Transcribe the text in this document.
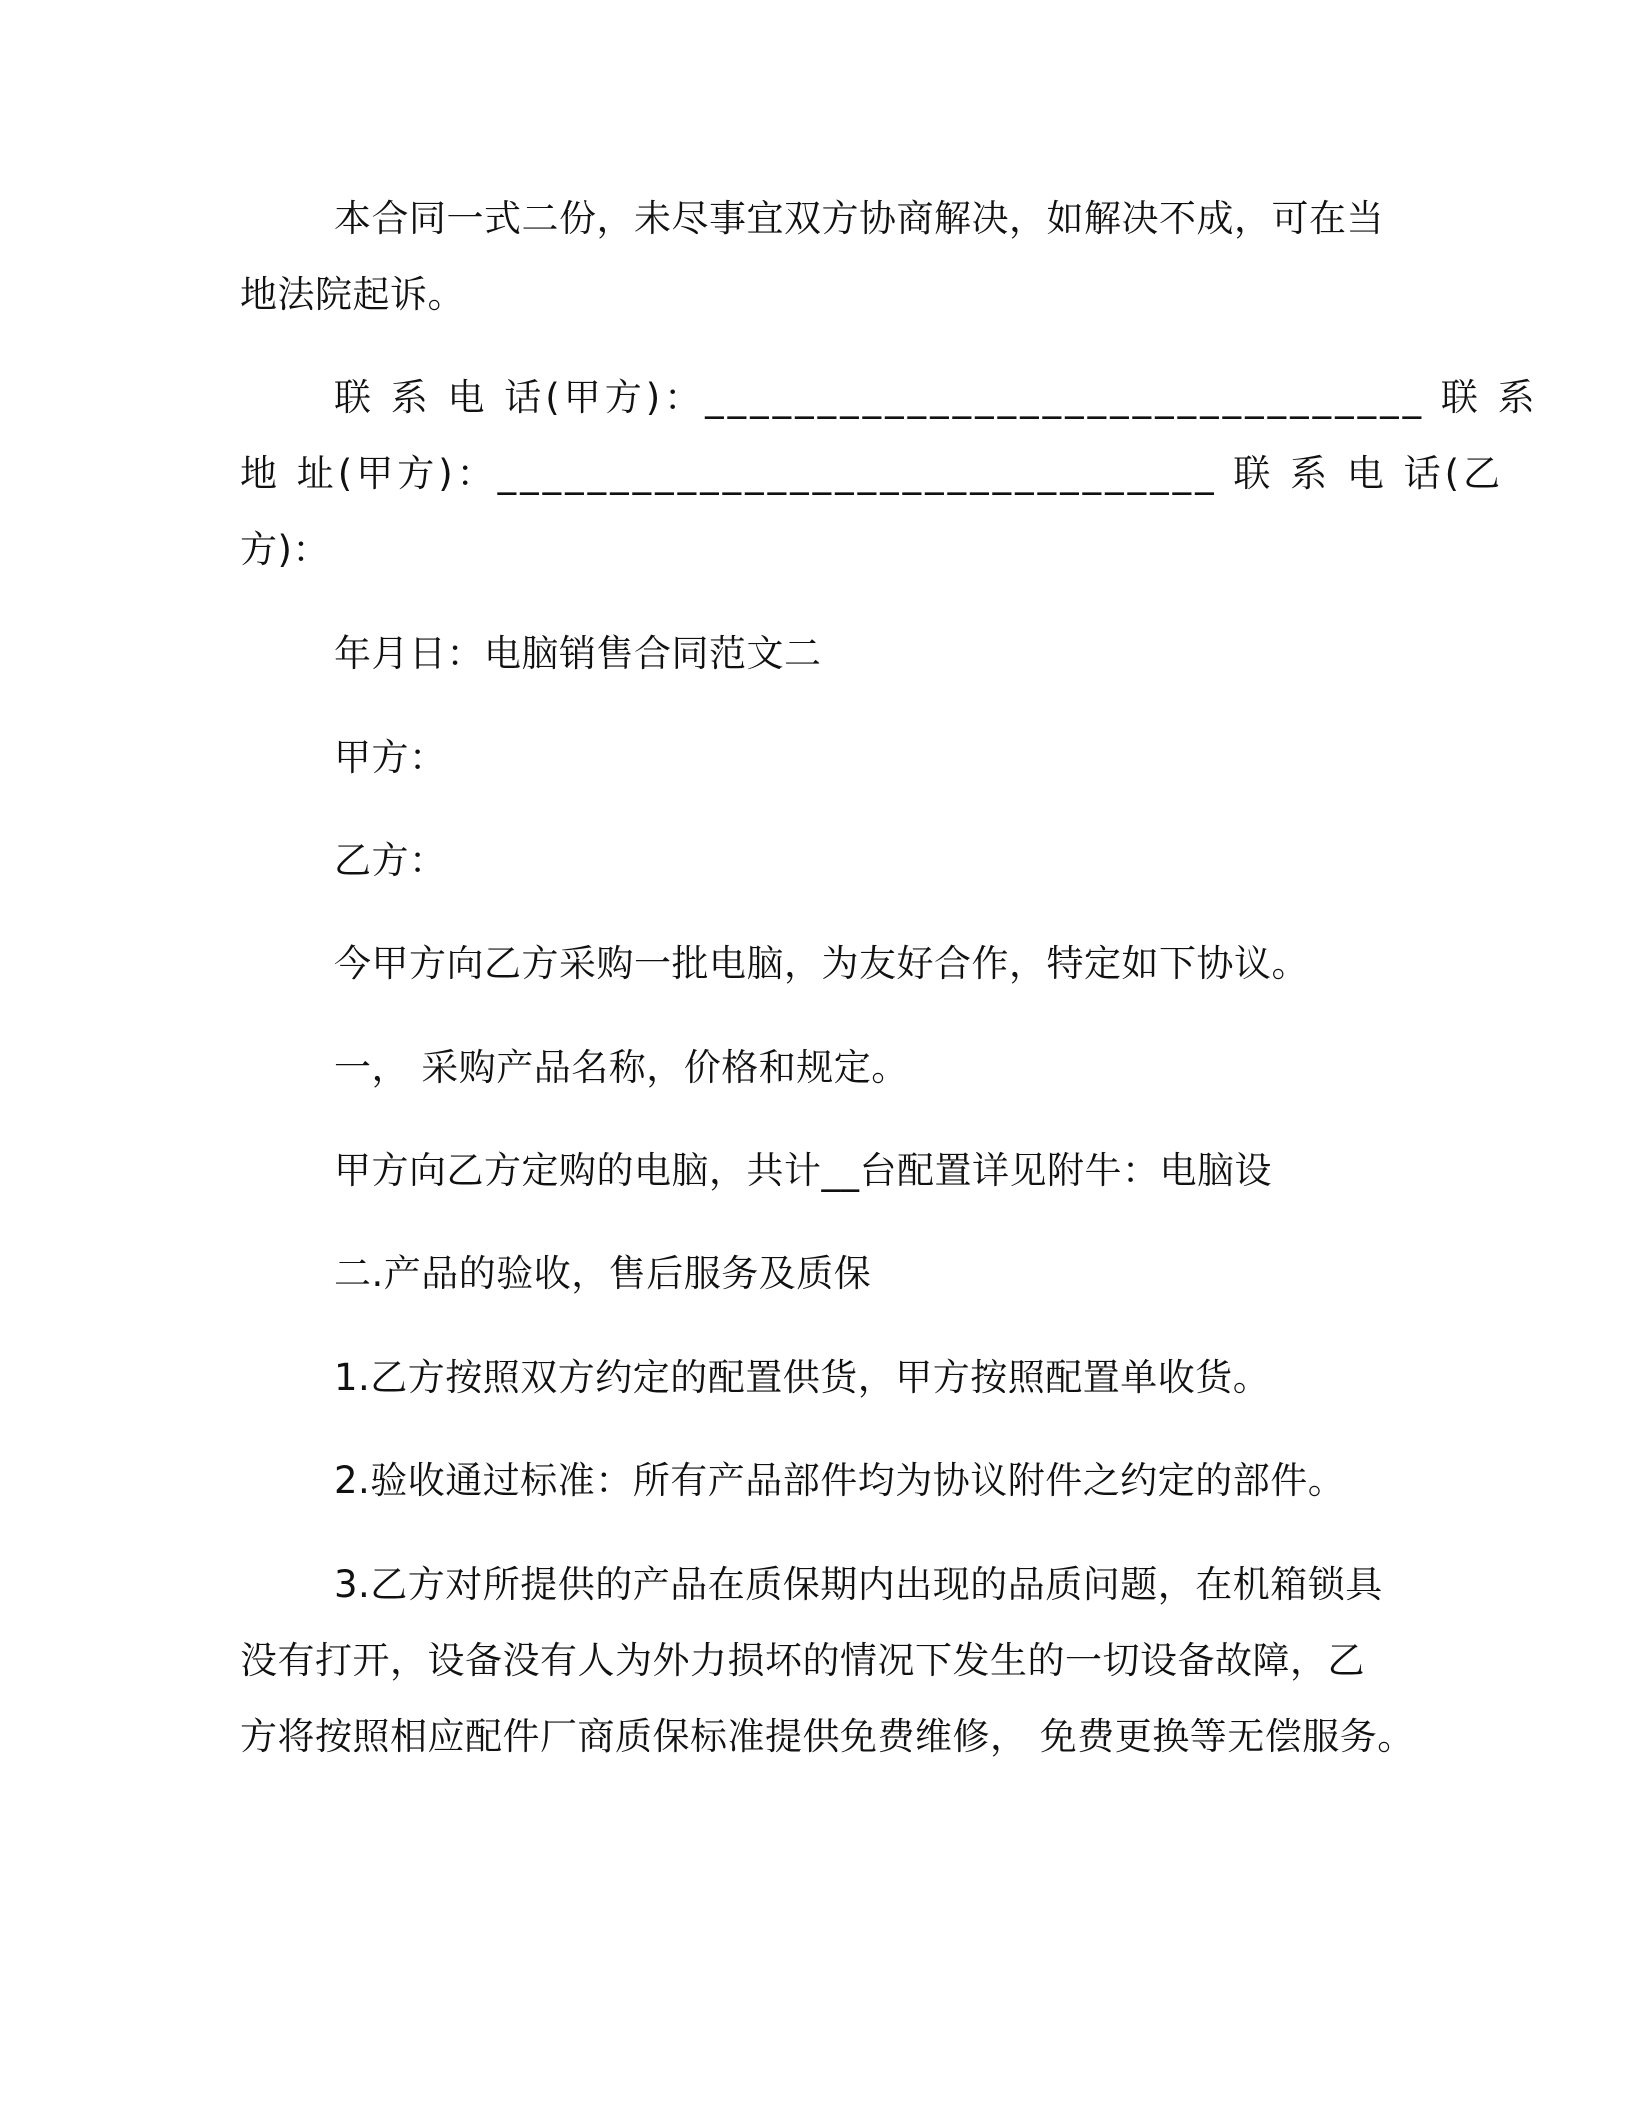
本合同一式二份，未尽事宜双方协商解决，如解决不成，可在当
地法院起诉。
联 系 电 话(甲方)：________________________________ 联 系
地 址(甲方)：________________________________ 联 系 电 话(乙
方)：
年月日：电脑销售合同范文二
甲方：
乙方：
今甲方向乙方采购一批电脑，为友好合作，特定如下协议。
一， 采购产品名称，价格和规定。
甲方向乙方定购的电脑，共计__台配置详见附牛：电脑设
二.产品的验收，售后服务及质保
1.乙方按照双方约定的配置供货，甲方按照配置单收货。
2.验收通过标准：所有产品部件均为协议附件之约定的部件。
3.乙方对所提供的产品在质保期内出现的品质问题，在机箱锁具
没有打开，设备没有人为外力损坏的情况下发生的一切设备故障，乙
方将按照相应配件厂商质保标准提供免费维修， 免费更换等无偿服务。
